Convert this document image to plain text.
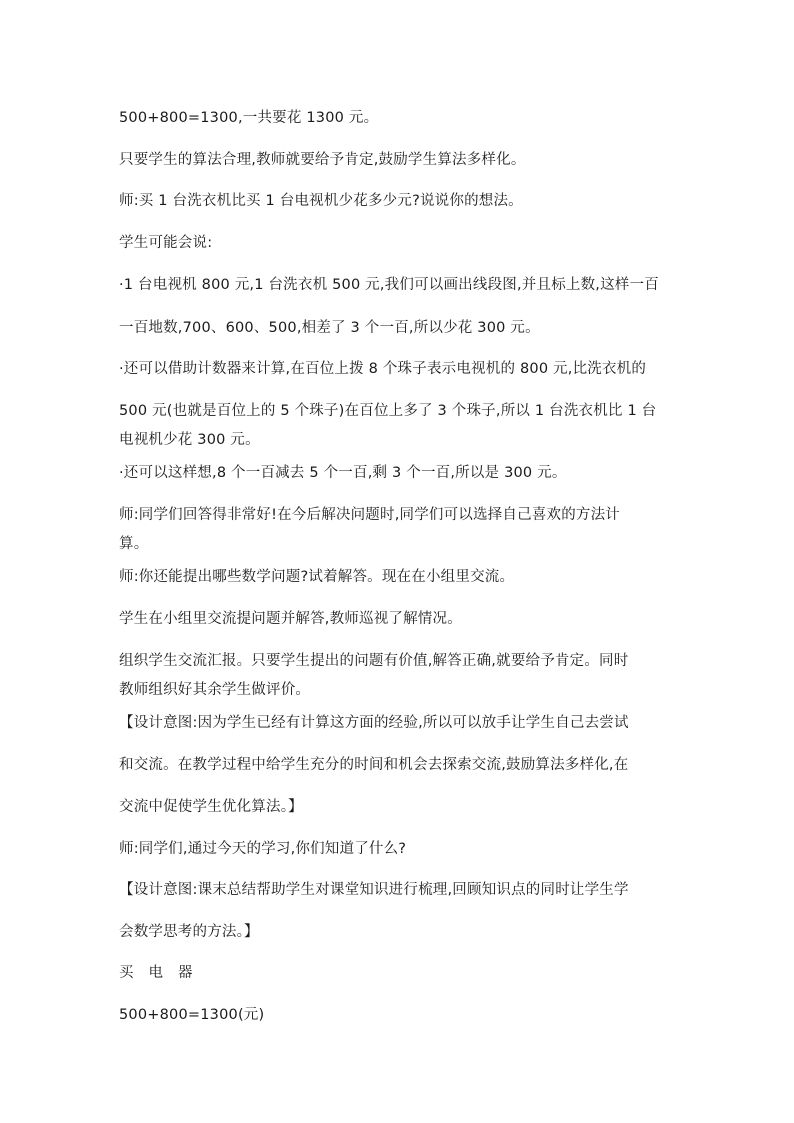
500+800=1300,一共要花 1300 元。
只要学生的算法合理,教师就要给予肯定,鼓励学生算法多样化。
师:买 1 台洗衣机比买 1 台电视机少花多少元?说说你的想法。
学生可能会说:
·1 台电视机 800 元,1 台洗衣机 500 元,我们可以画出线段图,并且标上数,这样一百
一百地数,700、600、500,相差了 3 个一百,所以少花 300 元。
·还可以借助计数器来计算,在百位上拨 8 个珠子表示电视机的 800 元,比洗衣机的
500 元(也就是百位上的 5 个珠子)在百位上多了 3 个珠子,所以 1 台洗衣机比 1 台
电视机少花 300 元。
·还可以这样想,8 个一百减去 5 个一百,剩 3 个一百,所以是 300 元。
师:同学们回答得非常好!在今后解决问题时,同学们可以选择自己喜欢的方法计
算。
师:你还能提出哪些数学问题?试着解答。现在在小组里交流。
学生在小组里交流提问题并解答,教师巡视了解情况。
组织学生交流汇报。只要学生提出的问题有价值,解答正确,就要给予肯定。同时
教师组织好其余学生做评价。
【设计意图:因为学生已经有计算这方面的经验,所以可以放手让学生自己去尝试
和交流。在教学过程中给学生充分的时间和机会去探索交流,鼓励算法多样化,在
交流中促使学生优化算法。】
师:同学们,通过今天的学习,你们知道了什么?
【设计意图:课末总结帮助学生对课堂知识进行梳理,回顾知识点的同时让学生学
会数学思考的方法。】
买电器
500+800=1300(元)
